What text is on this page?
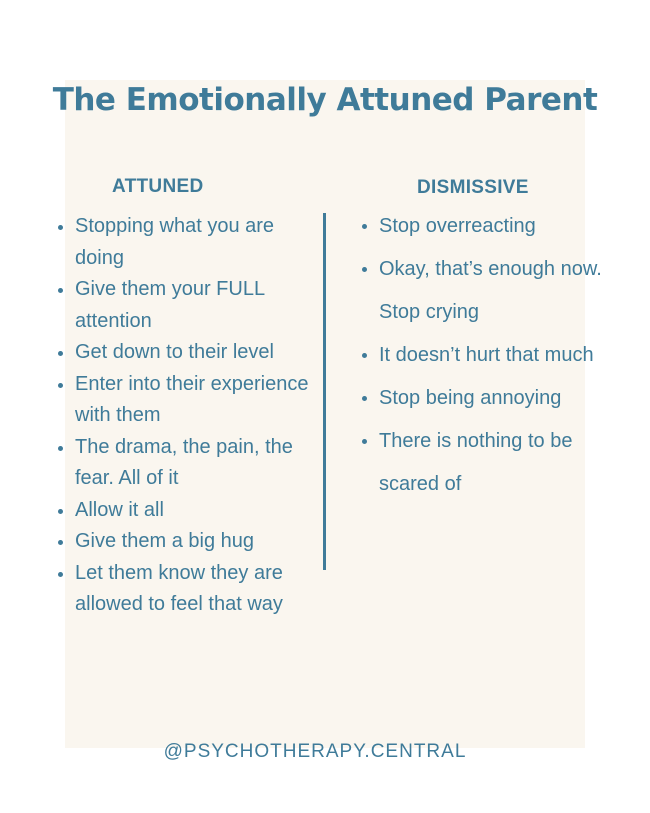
The Emotionally Attuned Parent
ATTUNED	DISMISSIVE
Stopping what you are doing
Give them your FULL attention
Get down to their level
Enter into their experience with them
The drama, the pain, the fear. All of it
Allow it all
Give them a big hug
Let them know they are allowed to feel that way
Stop overreacting
Okay, that’s enough now. Stop crying
It doesn’t hurt that much
Stop being annoying
There is nothing to be scared of
@PSYCHOTHERAPY.CENTRAL
